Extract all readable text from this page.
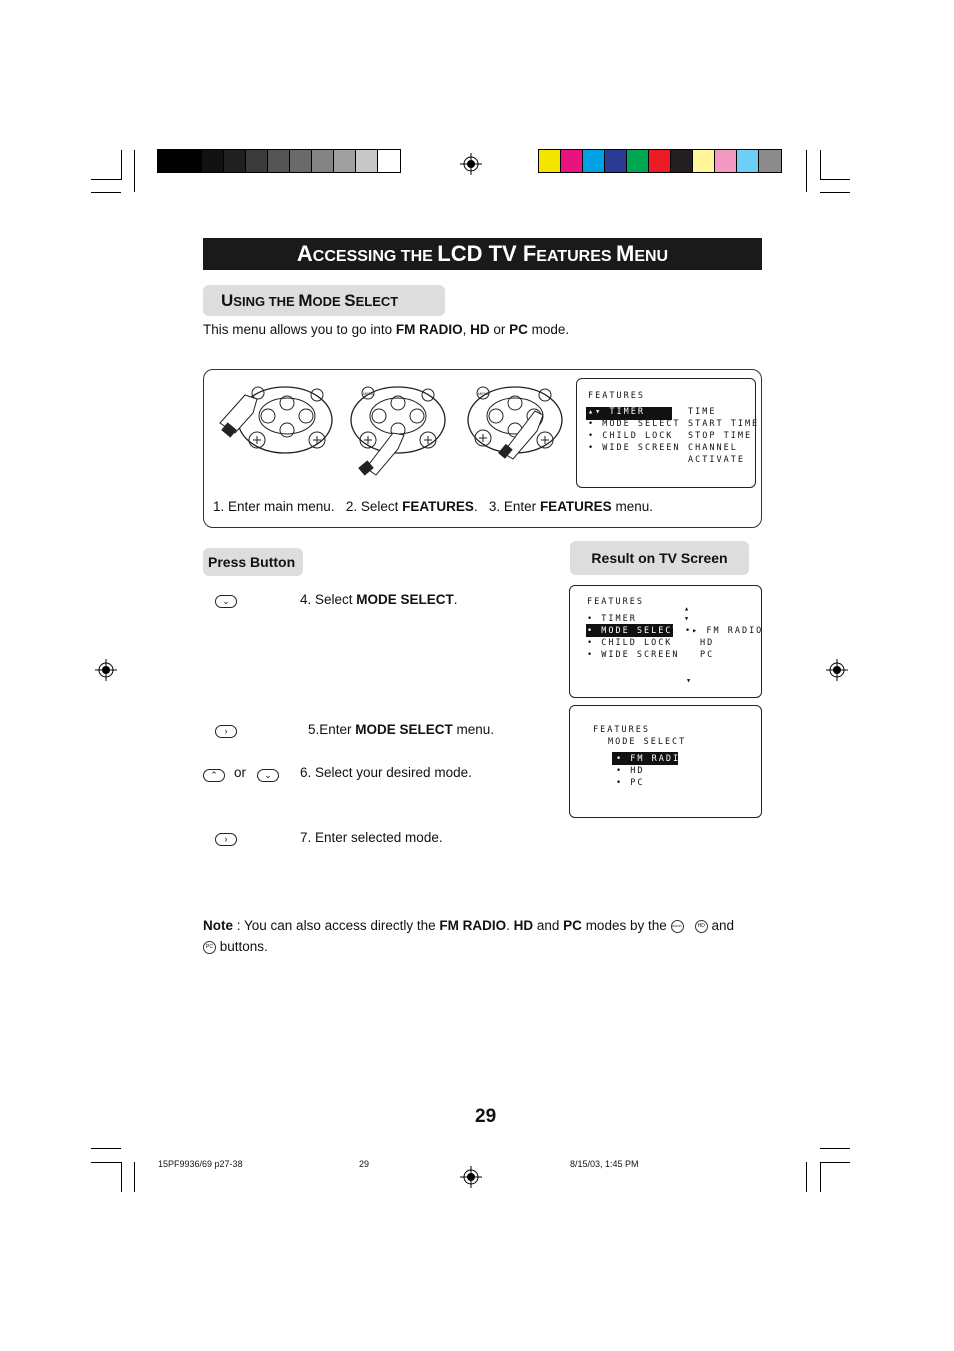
ACCESSING THE LCD TV FEATURES MENU
USING THE MODE SELECT
This menu allows you to go into FM RADIO, HD or PC mode.
MENU	MENU	FEATURES
▴▾ TIMER
• MODE SELECT
• CHILD LOCK
• WIDE SCREEN
TIME
START TIME
STOP TIME
CHANNEL
ACTIVATE
1. Enter main menu. 2. Select FEATURES. 3. Enter FEATURES menu.
Press Button	Result on TV Screen
FEATURES
▴
▾
• TIMER
• MODE SELECT
• CHILD LOCK
• WIDE SCREEN
•▸ FM RADIO
HD
PC
▾
FEATURES
MODE SELECT
• FM RADIO
• HD
• PC
⌄	4. Select MODE SELECT.
›	5.Enter MODE SELECT menu.
⌃	or	⌄	6. Select your desired mode.
›	7. Enter selected mode.
Note : You can also access directly the FM RADIO. HD and PC modes by the RADIO	HD and
PC buttons.
29
15PF9936/69 p27-38	29	8/15/03, 1:45 PM
